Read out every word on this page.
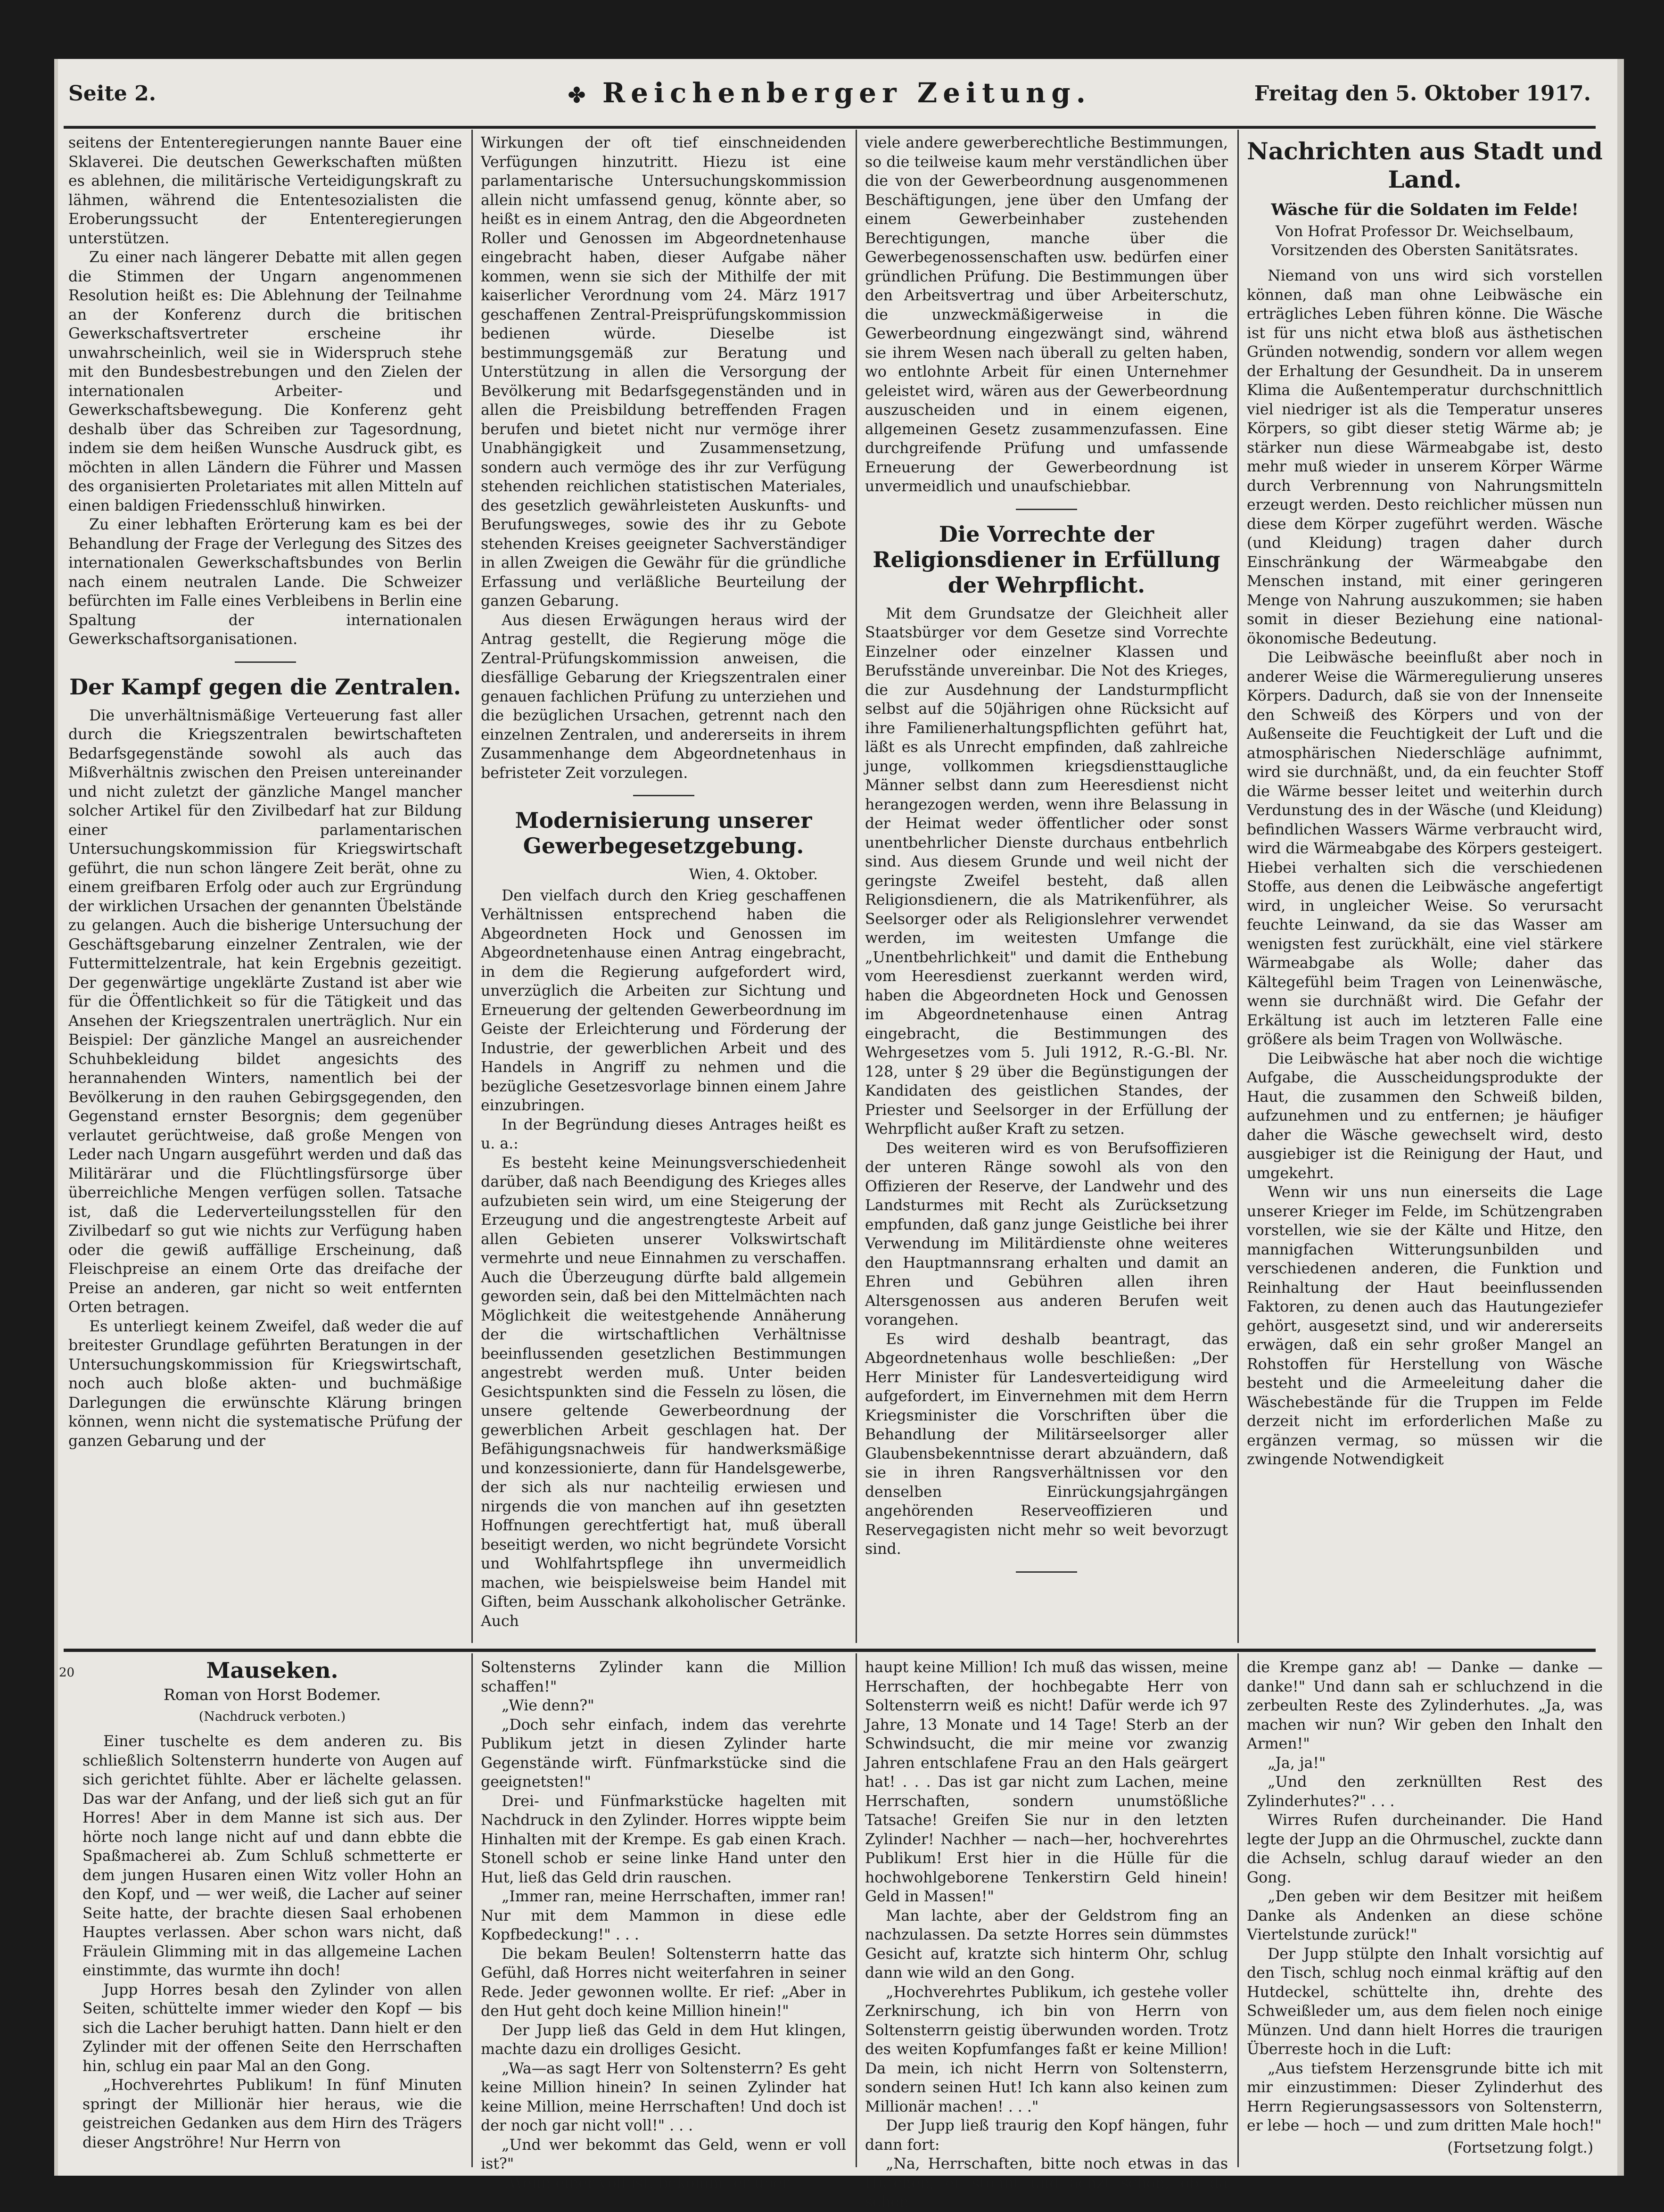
Seite 2.	✤ Reichenberger Zeitung.	Freitag den 5. Oktober 1917.

seitens der Ententeregierungen nannte Bauer eine Sklaverei. Die deutschen Gewerkschaften müßten es ablehnen, die militärische Verteidigungskraft zu lähmen, während die Ententesozialisten die Eroberungssucht der Ententeregierungen unterstützen.

Zu einer nach längerer Debatte mit allen gegen die Stimmen der Ungarn angenommenen Resolution heißt es: Die Ablehnung der Teilnahme an der Konferenz durch die britischen Gewerkschaftsvertreter erscheine ihr unwahrscheinlich, weil sie in Widerspruch stehe mit den Bundesbestrebungen und den Zielen der internationalen Arbeiter- und Gewerkschaftsbewegung. Die Konferenz geht deshalb über das Schreiben zur Tagesordnung, indem sie dem heißen Wunsche Ausdruck gibt, es möchten in allen Ländern die Führer und Massen des organisierten Proletariates mit allen Mitteln auf einen baldigen Friedensschluß hinwirken.

Zu einer lebhaften Erörterung kam es bei der Behandlung der Frage der Verlegung des Sitzes des internationalen Gewerkschaftsbundes von Berlin nach einem neutralen Lande. Die Schweizer befürchten im Falle eines Verbleibens in Berlin eine Spaltung der internationalen Gewerkschaftsorganisationen.

Der Kampf gegen die Zentralen.

Die unverhältnismäßige Verteuerung fast aller durch die Kriegszentralen bewirtschafteten Bedarfsgegenstände sowohl als auch das Mißverhältnis zwischen den Preisen untereinander und nicht zuletzt der gänzliche Mangel mancher solcher Artikel für den Zivilbedarf hat zur Bildung einer parlamentarischen Untersuchungskommission für Kriegswirtschaft geführt, die nun schon längere Zeit berät, ohne zu einem greifbaren Erfolg oder auch zur Ergründung der wirklichen Ursachen der genannten Übelstände zu gelangen. Auch die bisherige Untersuchung der Geschäftsgebarung einzelner Zentralen, wie der Futtermittelzentrale, hat kein Ergebnis gezeitigt. Der gegenwärtige ungeklärte Zustand ist aber wie für die Öffentlichkeit so für die Tätigkeit und das Ansehen der Kriegszentralen unerträglich. Nur ein Beispiel: Der gänzliche Mangel an ausreichender Schuhbekleidung bildet angesichts des herannahenden Winters, namentlich bei der Bevölkerung in den rauhen Gebirgsgegenden, den Gegenstand ernster Besorgnis; dem gegenüber verlautet gerüchtweise, daß große Mengen von Leder nach Ungarn ausgeführt werden und daß das Militärärar und die Flüchtlingsfürsorge über überreichliche Mengen verfügen sollen. Tatsache ist, daß die Lederverteilungsstellen für den Zivilbedarf so gut wie nichts zur Verfügung haben oder die gewiß auffällige Erscheinung, daß Fleischpreise an einem Orte das dreifache der Preise an anderen, gar nicht so weit entfernten Orten betragen.

Es unterliegt keinem Zweifel, daß weder die auf breitester Grundlage geführten Beratungen in der Untersuchungskommission für Kriegswirtschaft, noch auch bloße akten- und buchmäßige Darlegungen die erwünschte Klärung bringen können, wenn nicht die systematische Prüfung der ganzen Gebarung und der

Wirkungen der oft tief einschneidenden Verfügungen hinzutritt. Hiezu ist eine parlamentarische Untersuchungskommission allein nicht umfassend genug, könnte aber, so heißt es in einem Antrag, den die Abgeordneten Roller und Genossen im Abgeordnetenhause eingebracht haben, dieser Aufgabe näher kommen, wenn sie sich der Mithilfe der mit kaiserlicher Verordnung vom 24. März 1917 geschaffenen Zentral-Preisprüfungskommission bedienen würde. Dieselbe ist bestimmungsgemäß zur Beratung und Unterstützung in allen die Versorgung der Bevölkerung mit Bedarfsgegenständen und in allen die Preisbildung betreffenden Fragen berufen und bietet nicht nur vermöge ihrer Unabhängigkeit und Zusammensetzung, sondern auch vermöge des ihr zur Verfügung stehenden reichlichen statistischen Materiales, des gesetzlich gewährleisteten Auskunfts- und Berufungsweges, sowie des ihr zu Gebote stehenden Kreises geeigneter Sachverständiger in allen Zweigen die Gewähr für die gründliche Erfassung und verläßliche Beurteilung der ganzen Gebarung.

Aus diesen Erwägungen heraus wird der Antrag gestellt, die Regierung möge die Zentral-Prüfungskommission anweisen, die diesfällige Gebarung der Kriegszentralen einer genauen fachlichen Prüfung zu unterziehen und die bezüglichen Ursachen, getrennt nach den einzelnen Zentralen, und andererseits in ihrem Zusammenhange dem Abgeordnetenhaus in befristeter Zeit vorzulegen.

Modernisierung unserer Gewerbegesetzgebung.
Wien, 4. Oktober.

Den vielfach durch den Krieg geschaffenen Verhältnissen entsprechend haben die Abgeordneten Hock und Genossen im Abgeordnetenhause einen Antrag eingebracht, in dem die Regierung aufgefordert wird, unverzüglich die Arbeiten zur Sichtung und Erneuerung der geltenden Gewerbeordnung im Geiste der Erleichterung und Förderung der Industrie, der gewerblichen Arbeit und des Handels in Angriff zu nehmen und die bezügliche Gesetzesvorlage binnen einem Jahre einzubringen.

In der Begründung dieses Antrages heißt es u. a.:

Es besteht keine Meinungsverschiedenheit darüber, daß nach Beendigung des Krieges alles aufzubieten sein wird, um eine Steigerung der Erzeugung und die angestrengteste Arbeit auf allen Gebieten unserer Volkswirtschaft vermehrte und neue Einnahmen zu verschaffen. Auch die Überzeugung dürfte bald allgemein geworden sein, daß bei den Mittelmächten nach Möglichkeit die weitestgehende Annäherung der die wirtschaftlichen Verhältnisse beeinflussenden gesetzlichen Bestimmungen angestrebt werden muß. Unter beiden Gesichtspunkten sind die Fesseln zu lösen, die unsere geltende Gewerbeordnung der gewerblichen Arbeit geschlagen hat. Der Befähigungsnachweis für handwerksmäßige und konzessionierte, dann für Handelsgewerbe, der sich als nur nachteilig erwiesen und nirgends die von manchen auf ihn gesetzten Hoffnungen gerechtfertigt hat, muß überall beseitigt werden, wo nicht begründete Vorsicht und Wohlfahrtspflege ihn unvermeidlich machen, wie beispielsweise beim Handel mit Giften, beim Ausschank alkoholischer Getränke. Auch

viele andere gewerberechtliche Bestimmungen, so die teilweise kaum mehr verständlichen über die von der Gewerbeordnung ausgenommenen Beschäftigungen, jene über den Umfang der einem Gewerbeinhaber zustehenden Berechtigungen, manche über die Gewerbegenossenschaften usw. bedürfen einer gründlichen Prüfung. Die Bestimmungen über den Arbeitsvertrag und über Arbeiterschutz, die unzweckmäßigerweise in die Gewerbeordnung eingezwängt sind, während sie ihrem Wesen nach überall zu gelten haben, wo entlohnte Arbeit für einen Unternehmer geleistet wird, wären aus der Gewerbeordnung auszuscheiden und in einem eigenen, allgemeinen Gesetz zusammenzufassen. Eine durchgreifende Prüfung und umfassende Erneuerung der Gewerbeordnung ist unvermeidlich und unaufschiebbar.

Die Vorrechte der Religionsdiener in Erfüllung der Wehrpflicht.

Mit dem Grundsatze der Gleichheit aller Staatsbürger vor dem Gesetze sind Vorrechte Einzelner oder einzelner Klassen und Berufsstände unvereinbar. Die Not des Krieges, die zur Ausdehnung der Landsturmpflicht selbst auf die 50jährigen ohne Rücksicht auf ihre Familienerhaltungspflichten geführt hat, läßt es als Unrecht empfinden, daß zahlreiche junge, vollkommen kriegsdiensttaugliche Männer selbst dann zum Heeresdienst nicht herangezogen werden, wenn ihre Belassung in der Heimat weder öffentlicher oder sonst unentbehrlicher Dienste durchaus entbehrlich sind. Aus diesem Grunde und weil nicht der geringste Zweifel besteht, daß allen Religionsdienern, die als Matrikenführer, als Seelsorger oder als Religionslehrer verwendet werden, im weitesten Umfange die „Unentbehrlichkeit" und damit die Enthebung vom Heeresdienst zuerkannt werden wird, haben die Abgeordneten Hock und Genossen im Abgeordnetenhause einen Antrag eingebracht, die Bestimmungen des Wehrgesetzes vom 5. Juli 1912, R.-G.-Bl. Nr. 128, unter § 29 über die Begünstigungen der Kandidaten des geistlichen Standes, der Priester und Seelsorger in der Erfüllung der Wehrpflicht außer Kraft zu setzen.

Des weiteren wird es von Berufsoffizieren der unteren Ränge sowohl als von den Offizieren der Reserve, der Landwehr und des Landsturmes mit Recht als Zurücksetzung empfunden, daß ganz junge Geistliche bei ihrer Verwendung im Militärdienste ohne weiteres den Hauptmannsrang erhalten und damit an Ehren und Gebühren allen ihren Altersgenossen aus anderen Berufen weit vorangehen.

Es wird deshalb beantragt, das Abgeordnetenhaus wolle beschließen: „Der Herr Minister für Landesverteidigung wird aufgefordert, im Einvernehmen mit dem Herrn Kriegsminister die Vorschriften über die Behandlung der Militärseelsorger aller Glaubensbekenntnisse derart abzuändern, daß sie in ihren Rangsverhältnissen vor den denselben Einrückungsjahrgängen angehörenden Reserveoffizieren und Reservegagisten nicht mehr so weit bevorzugt sind.

Nachrichten aus Stadt und Land.
Wäsche für die Soldaten im Felde!
Von Hofrat Professor Dr. Weichselbaum, Vorsitzenden des Obersten Sanitätsrates.

Niemand von uns wird sich vorstellen können, daß man ohne Leibwäsche ein erträgliches Leben führen könne. Die Wäsche ist für uns nicht etwa bloß aus ästhetischen Gründen notwendig, sondern vor allem wegen der Erhaltung der Gesundheit. Da in unserem Klima die Außentemperatur durchschnittlich viel niedriger ist als die Temperatur unseres Körpers, so gibt dieser stetig Wärme ab; je stärker nun diese Wärmeabgabe ist, desto mehr muß wieder in unserem Körper Wärme durch Verbrennung von Nahrungsmitteln erzeugt werden. Desto reichlicher müssen nun diese dem Körper zugeführt werden. Wäsche (und Kleidung) tragen daher durch Einschränkung der Wärmeabgabe den Menschen instand, mit einer geringeren Menge von Nahrung auszukommen; sie haben somit in dieser Beziehung eine national-ökonomische Bedeutung.

Die Leibwäsche beeinflußt aber noch in anderer Weise die Wärmeregulierung unseres Körpers. Dadurch, daß sie von der Innenseite den Schweiß des Körpers und von der Außenseite die Feuchtigkeit der Luft und die atmosphärischen Niederschläge aufnimmt, wird sie durchnäßt, und, da ein feuchter Stoff die Wärme besser leitet und weiterhin durch Verdunstung des in der Wäsche (und Kleidung) befindlichen Wassers Wärme verbraucht wird, wird die Wärmeabgabe des Körpers gesteigert. Hiebei verhalten sich die verschiedenen Stoffe, aus denen die Leibwäsche angefertigt wird, in ungleicher Weise. So verursacht feuchte Leinwand, da sie das Wasser am wenigsten fest zurückhält, eine viel stärkere Wärmeabgabe als Wolle; daher das Kältegefühl beim Tragen von Leinenwäsche, wenn sie durchnäßt wird. Die Gefahr der Erkältung ist auch im letzteren Falle eine größere als beim Tragen von Wollwäsche.

Die Leibwäsche hat aber noch die wichtige Aufgabe, die Ausscheidungsprodukte der Haut, die zusammen den Schweiß bilden, aufzunehmen und zu entfernen; je häufiger daher die Wäsche gewechselt wird, desto ausgiebiger ist die Reinigung der Haut, und umgekehrt.

Wenn wir uns nun einerseits die Lage unserer Krieger im Felde, im Schützengraben vorstellen, wie sie der Kälte und Hitze, den mannigfachen Witterungsunbilden und verschiedenen anderen, die Funktion und Reinhaltung der Haut beeinflussenden Faktoren, zu denen auch das Hautungeziefer gehört, ausgesetzt sind, und wir andererseits erwägen, daß ein sehr großer Mangel an Rohstoffen für Herstellung von Wäsche besteht und die Armeeleitung daher die Wäschebestände für die Truppen im Felde derzeit nicht im erforderlichen Maße zu ergänzen vermag, so müssen wir die zwingende Notwendigkeit

20	Mauseken.
Roman von Horst Bodemer.
(Nachdruck verboten.)

Einer tuschelte es dem anderen zu. Bis schließlich Soltensterrn hunderte von Augen auf sich gerichtet fühlte. Aber er lächelte gelassen. Das war der Anfang, und der ließ sich gut an für Horres! Aber in dem Manne ist sich aus. Der hörte noch lange nicht auf und dann ebbte die Spaßmacherei ab. Zum Schluß schmetterte er dem jungen Husaren einen Witz voller Hohn an den Kopf, und — wer weiß, die Lacher auf seiner Seite hatte, der brachte diesen Saal erhobenen Hauptes verlassen. Aber schon wars nicht, daß Fräulein Glimming mit in das allgemeine Lachen einstimmte, das wurmte ihn doch!

Jupp Horres besah den Zylinder von allen Seiten, schüttelte immer wieder den Kopf — bis sich die Lacher beruhigt hatten. Dann hielt er den Zylinder mit der offenen Seite den Herrschaften hin, schlug ein paar Mal an den Gong.

„Hochverehrtes Publikum! In fünf Minuten springt der Millionär hier heraus, wie die geistreichen Gedanken aus dem Hirn des Trägers dieser Angströhre! Nur Herrn von

Soltensterns Zylinder kann die Million schaffen!"

„Wie denn?"

„Doch sehr einfach, indem das verehrte Publikum jetzt in diesen Zylinder harte Gegenstände wirft. Fünfmarkstücke sind die geeignetsten!"

Drei- und Fünfmarkstücke hagelten mit Nachdruck in den Zylinder. Horres wippte beim Hinhalten mit der Krempe. Es gab einen Krach. Stonell schob er seine linke Hand unter den Hut, ließ das Geld drin rauschen.

„Immer ran, meine Herrschaften, immer ran! Nur mit dem Mammon in diese edle Kopfbedeckung!" . . .

Die bekam Beulen! Soltensterrn hatte das Gefühl, daß Horres nicht weiterfahren in seiner Rede. Jeder gewonnen wollte. Er rief: „Aber in den Hut geht doch keine Million hinein!"

Der Jupp ließ das Geld in dem Hut klingen, machte dazu ein drolliges Gesicht.

„Wa—as sagt Herr von Soltensterrn? Es geht keine Million hinein? In seinen Zylinder hat keine Million, meine Herrschaften! Und doch ist der noch gar nicht voll!" . . .

„Und wer bekommt das Geld, wenn er voll ist?"

„Wenn einer voll ist, bekommt er über-

haupt keine Million! Ich muß das wissen, meine Herrschaften, der hochbegabte Herr von Soltensterrn weiß es nicht! Dafür werde ich 97 Jahre, 13 Monate und 14 Tage! Sterb an der Schwindsucht, die mir meine vor zwanzig Jahren entschlafene Frau an den Hals geärgert hat! . . . Das ist gar nicht zum Lachen, meine Herrschaften, sondern unumstößliche Tatsache! Greifen Sie nur in den letzten Zylinder! Nachher — nach—her, hochverehrtes Publikum! Erst hier in die Hülle für die hochwohlgeborene Tenkerstirn Geld hinein! Geld in Massen!"

Man lachte, aber der Geldstrom fing an nachzulassen. Da setzte Horres sein dümmstes Gesicht auf, kratzte sich hinterm Ohr, schlug dann wie wild an den Gong.

„Hochverehrtes Publikum, ich gestehe voller Zerknirschung, ich bin von Herrn von Soltensterrn geistig überwunden worden. Trotz des weiten Kopfumfanges faßt er keine Million! Da mein, ich nicht Herrn von Soltensterrn, sondern seinen Hut! Ich kann also keinen zum Millionär machen! . . ."

Der Jupp ließ traurig den Kopf hängen, fuhr dann fort:

„Na, Herrschaften, bitte noch etwas in das Hütchen, er stöhnt und ächzt schon, ob da schon

die Krempe ganz ab! — Danke — danke — danke!" Und dann sah er schluchzend in die zerbeulten Reste des Zylinderhutes. „Ja, was machen wir nun? Wir geben den Inhalt den Armen!"

„Ja, ja!"

„Und den zerknüllten Rest des Zylinderhutes?" . . .

Wirres Rufen durcheinander. Die Hand legte der Jupp an die Ohrmuschel, zuckte dann die Achseln, schlug darauf wieder an den Gong.

„Den geben wir dem Besitzer mit heißem Danke als Andenken an diese schöne Viertelstunde zurück!"

Der Jupp stülpte den Inhalt vorsichtig auf den Tisch, schlug noch einmal kräftig auf den Hutdeckel, schüttelte ihn, drehte des Schweißleder um, aus dem fielen noch einige Münzen. Und dann hielt Horres die traurigen Überreste hoch in die Luft:

„Aus tiefstem Herzensgrunde bitte ich mit mir einzustimmen: Dieser Zylinderhut des Herrn Regierungsassessors von Soltensterrn, er lebe — hoch — und zum dritten Male hoch!"

(Fortsetzung folgt.)
